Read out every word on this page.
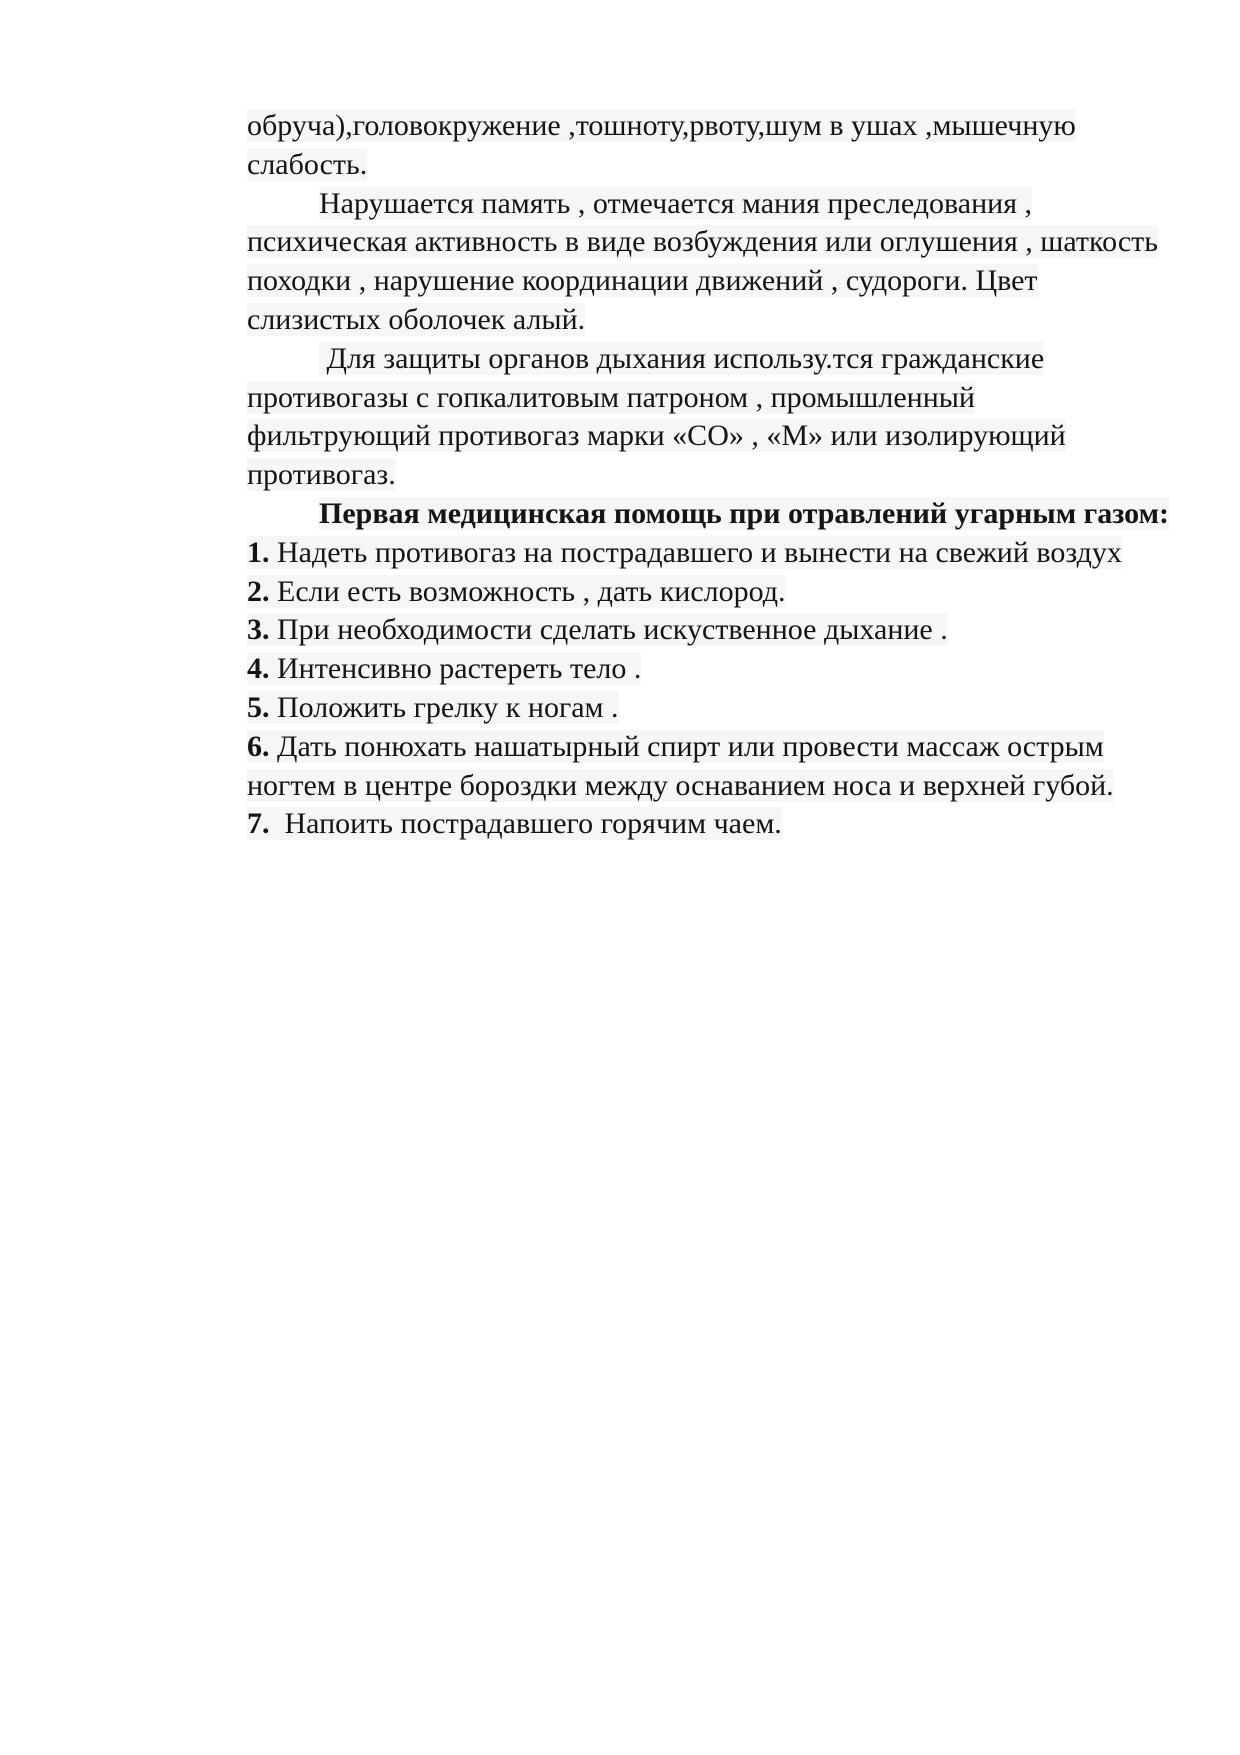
обруча),головокружение ,тошноту,рвоту,шум в ушах ,мышечную
слабость.
Нарушается память , отмечается мания преследования ,
психическая активность в виде возбуждения или оглушения , шаткость
походки , нарушение координации движений , судороги. Цвет
слизистых оболочек алый.
Для защиты органов дыхания использу.тся гражданские
противогазы с гопкалитовым патроном , промышленный
фильтрующий противогаз марки «СО» , «М» или изолирующий
противогаз.
Первая медицинская помощь при отравлений угарным газом:
1. Надеть противогаз на пострадавшего и вынести на свежий воздух
2. Если есть возможность , дать кислород.
3. При необходимости сделать искуственное дыхание .
4. Интенсивно растереть тело .
5. Положить грелку к ногам .
6. Дать понюхать нашатырный спирт или провести массаж острым
ногтем в центре бороздки между оснаванием носа и верхней губой.
7.  Напоить пострадавшего горячим чаем.
